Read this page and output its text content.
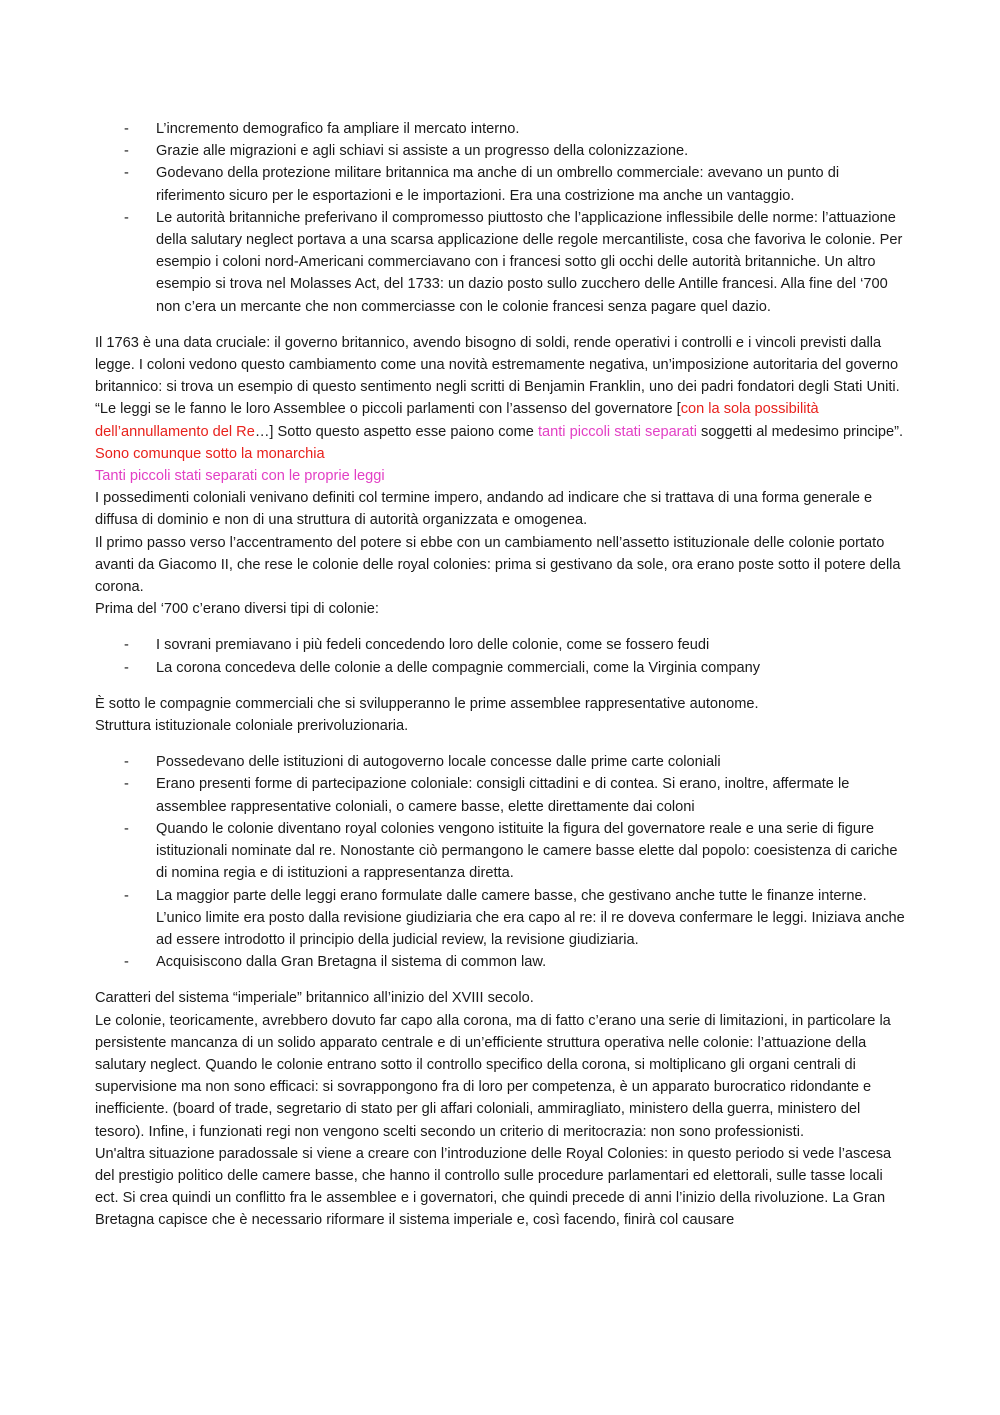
- L’incremento demografico fa ampliare il mercato interno.
- Grazie alle migrazioni e agli schiavi si assiste a un progresso della colonizzazione.
- Godevano della protezione militare britannica ma anche di un ombrello commerciale: avevano un punto di riferimento sicuro per le esportazioni e le importazioni. Era una costrizione ma anche un vantaggio.
- Le autorità britanniche preferivano il compromesso piuttosto che l’applicazione inflessibile delle norme: l’attuazione della salutary neglect portava a una scarsa applicazione delle regole mercantiliste, cosa che favoriva le colonie. Per esempio i coloni nord-Americani commerciavano con i francesi sotto gli occhi delle autorità britanniche. Un altro esempio si trova nel Molasses Act, del 1733: un dazio posto sullo zucchero delle Antille francesi. Alla fine del ‘700 non c’era un mercante che non commerciasse con le colonie francesi senza pagare quel dazio.

Il 1763 è una data cruciale: il governo britannico, avendo bisogno di soldi, rende operativi i controlli e i vincoli previsti dalla legge. I coloni vedono questo cambiamento come una novità estremamente negativa, un’imposizione autoritaria del governo britannico: si trova un esempio di questo sentimento negli scritti di Benjamin Franklin, uno dei padri fondatori degli Stati Uniti.

“Le leggi se le fanno le loro Assemblee o piccoli parlamenti con l’assenso del governatore [con la sola possibilità dell’annullamento del Re…] Sotto questo aspetto esse paiono come tanti piccoli stati separati soggetti al medesimo principe”.

Sono comunque sotto la monarchia

Tanti piccoli stati separati con le proprie leggi

I possedimenti coloniali venivano definiti col termine impero, andando ad indicare che si trattava di una forma generale e diffusa di dominio e non di una struttura di autorità organizzata e omogenea.

Il primo passo verso l’accentramento del potere si ebbe con un cambiamento nell’assetto istituzionale delle colonie portato avanti da Giacomo II, che rese le colonie delle royal colonies: prima si gestivano da sole, ora erano poste sotto il potere della corona.

Prima del ‘700 c’erano diversi tipi di colonie:

- I sovrani premiavano i più fedeli concedendo loro delle colonie, come se fossero feudi
- La corona concedeva delle colonie a delle compagnie commerciali, come la Virginia company

È sotto le compagnie commerciali che si svilupperanno le prime assemblee rappresentative autonome.

Struttura istituzionale coloniale prerivoluzionaria.

- Possedevano delle istituzioni di autogoverno locale concesse dalle prime carte coloniali
- Erano presenti forme di partecipazione coloniale: consigli cittadini e di contea. Si erano, inoltre, affermate le assemblee rappresentative coloniali, o camere basse, elette direttamente dai coloni
- Quando le colonie diventano royal colonies vengono istituite la figura del governatore reale e una serie di figure istituzionali nominate dal re. Nonostante ciò permangono le camere basse elette dal popolo: coesistenza di cariche di nomina regia e di istituzioni a rappresentanza diretta.
- La maggior parte delle leggi erano formulate dalle camere basse, che gestivano anche tutte le finanze interne. L’unico limite era posto dalla revisione giudiziaria che era capo al re: il re doveva confermare le leggi. Iniziava anche ad essere introdotto il principio della judicial review, la revisione giudiziaria.
- Acquisiscono dalla Gran Bretagna il sistema di common law.

Caratteri del sistema “imperiale” britannico all’inizio del XVIII secolo.

Le colonie, teoricamente, avrebbero dovuto far capo alla corona, ma di fatto c’erano una serie di limitazioni, in particolare la persistente mancanza di un solido apparato centrale e di un’efficiente struttura operativa nelle colonie: l’attuazione della salutary neglect. Quando le colonie entrano sotto il controllo specifico della corona, si moltiplicano gli organi centrali di supervisione ma non sono efficaci: si sovrappongono fra di loro per competenza, è un apparato burocratico ridondante e inefficiente. (board of trade, segretario di stato per gli affari coloniali, ammiragliato, ministero della guerra, ministero del tesoro). Infine, i funzionati regi non vengono scelti secondo un criterio di meritocrazia: non sono professionisti.

Un'altra situazione paradossale si viene a creare con l’introduzione delle Royal Colonies: in questo periodo si vede l’ascesa del prestigio politico delle camere basse, che hanno il controllo sulle procedure parlamentari ed elettorali, sulle tasse locali ect. Si crea quindi un conflitto fra le assemblee e i governatori, che quindi precede di anni l’inizio della rivoluzione. La Gran Bretagna capisce che è necessario riformare il sistema imperiale e, così facendo, finirà col causare
